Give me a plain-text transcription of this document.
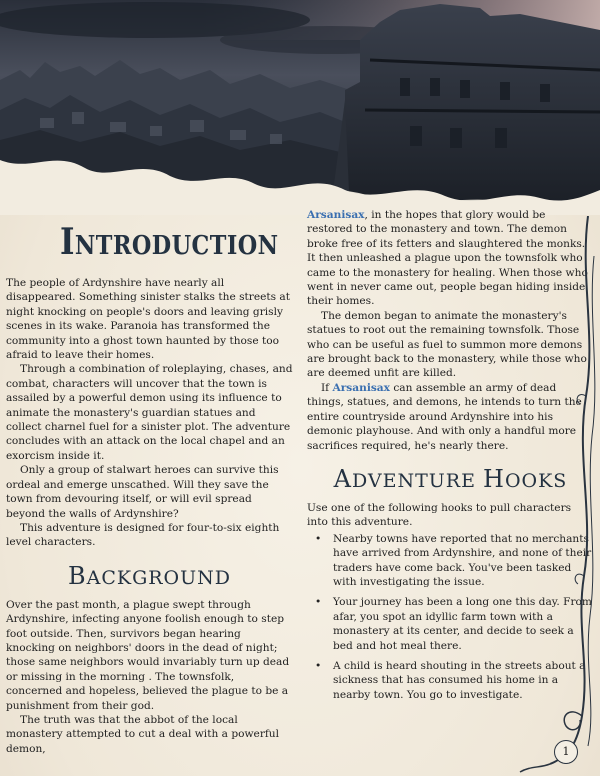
INTRODUCTION

The people of Ardynshire have nearly all disappeared. Something sinister stalks the streets at night knocking on people's doors and leaving grisly scenes in its wake. Paranoia has transformed the community into a ghost town haunted by those too afraid to leave their homes.

Through a combination of roleplaying, chases, and combat, characters will uncover that the town is assailed by a powerful demon using its influence to animate the monastery's guardian statues and collect charnel fuel for a sinister plot. The adventure concludes with an attack on the local chapel and an exorcism inside it.

Only a group of stalwart heroes can survive this ordeal and emerge unscathed. Will they save the town from devouring itself, or will evil spread beyond the walls of Ardynshire?

This adventure is designed for four-to-six eighth level characters.

BACKGROUND

Over the past month, a plague swept through Ardynshire, infecting anyone foolish enough to step foot outside. Then, survivors began hearing knocking on neighbors' doors in the dead of night; those same neighbors would invariably turn up dead or missing in the morning . The townsfolk, concerned and hopeless, believed the plague to be a punishment from their god.

The truth was that the abbot of the local monastery attempted to cut a deal with a powerful demon,

Arsanisax, in the hopes that glory would be restored to the monastery and town. The demon broke free of its fetters and slaughtered the monks. It then unleashed a plague upon the townsfolk who came to the monastery for healing. When those who went in never came out, people began hiding inside their homes.

The demon began to animate the monastery's statues to root out the remaining townsfolk. Those who can be useful as fuel to summon more demons are brought back to the monastery, while those who are deemed unfit are killed.

If Arsanisax can assemble an army of dead things, statues, and demons, he intends to turn the entire countryside around Ardynshire into his demonic playhouse. And with only a handful more sacrifices required, he's nearly there.

ADVENTURE HOOKS

Use one of the following hooks to pull characters into this adventure.

• Nearby towns have reported that no merchants have arrived from Ardynshire, and none of their traders have come back. You've been tasked with investigating the issue.
• Your journey has been a long one this day. From afar, you spot an idyllic farm town with a monastery at its center, and decide to seek a bed and hot meal there.
• A child is heard shouting in the streets about a sickness that has consumed his home in a nearby town. You go to investigate.
1
